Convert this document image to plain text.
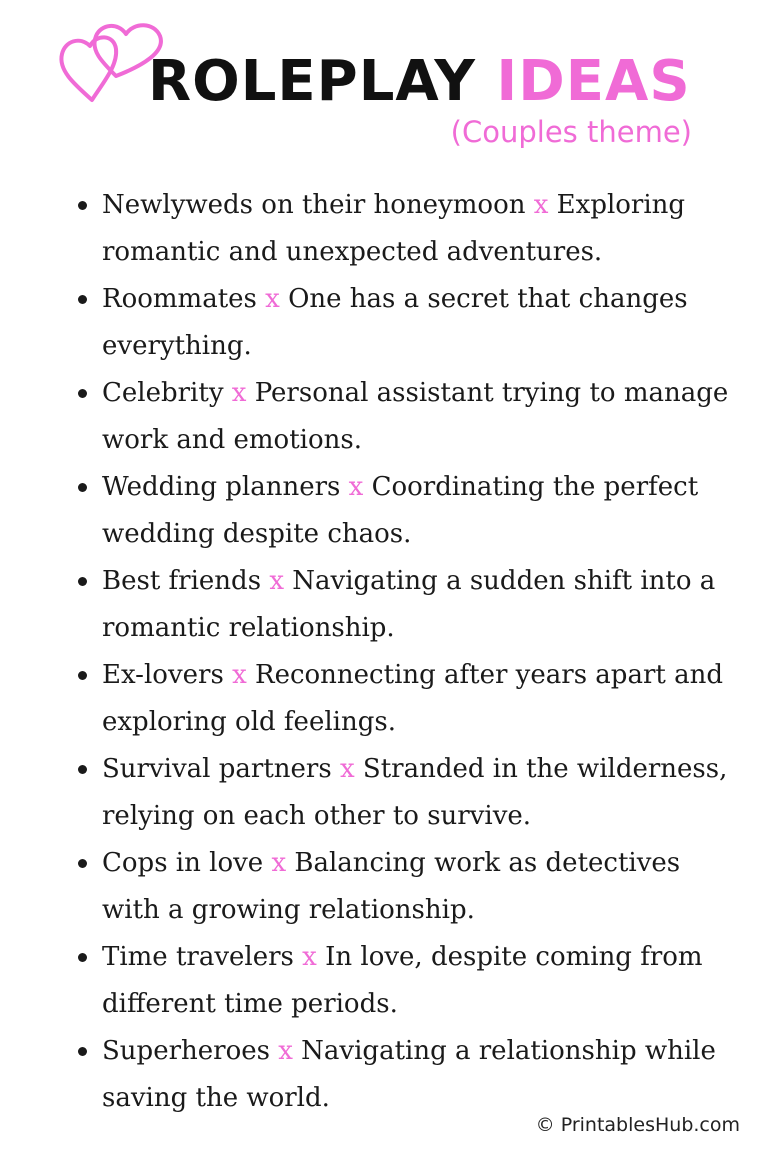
ROLEPLAY IDEAS

(Couples theme)

Newlyweds on their honeymoon x Exploring romantic and unexpected adventures.
Roommates x One has a secret that changes everything.
Celebrity x Personal assistant trying to manage work and emotions.
Wedding planners x Coordinating the perfect wedding despite chaos.
Best friends x Navigating a sudden shift into a romantic relationship.
Ex-lovers x Reconnecting after years apart and exploring old feelings.
Survival partners x Stranded in the wilderness, relying on each other to survive.
Cops in love x Balancing work as detectives with a growing relationship.
Time travelers x In love, despite coming from different time periods.
Superheroes x Navigating a relationship while saving the world.

© PrintablesHub.com
